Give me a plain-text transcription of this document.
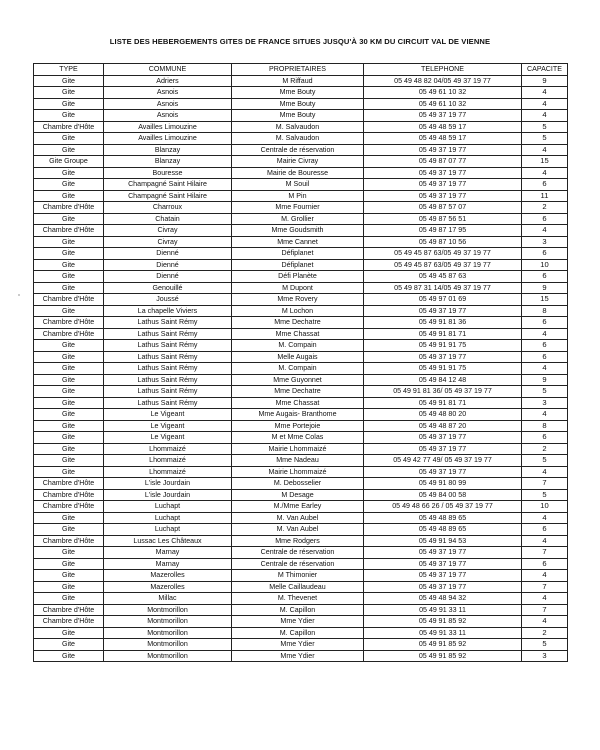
LISTE DES HEBERGEMENTS GITES DE FRANCE SITUES JUSQU'À 30 KM DU CIRCUIT VAL DE VIENNE
TYPE	COMMUNE	PROPRIETAIRES	TELEPHONE	CAPACITE
Gite	Adriers	M Riffaud	05 49 48 82 04/05 49 37 19 77	9
Gite	Asnois	Mme Bouty	05 49 61 10 32	4
Gite	Asnois	Mme Bouty	05 49 61 10 32	4
Gite	Asnois	Mme Bouty	05 49 37 19 77	4
Chambre d'Hôte	Availles Limouzine	M. Salvaudon	05 49 48 59 17	5
Gite	Availles Limouzine	M. Salvaudon	05 49 48 59 17	5
Gite	Blanzay	Centrale de réservation	05 49 37 19 77	4
Gite Groupe	Blanzay	Mairie Civray	05 49 87 07 77	15
Gite	Bouresse	Mairie de Bouresse	05 49 37 19 77	4
Gite	Champagné Saint Hilaire	M Souil	05 49 37 19 77	6
Gite	Champagné Saint Hilaire	M Pin	05 49 37 19 77	11
Chambre d'Hôte	Charroux	Mme Fournier	05 49 87 57 07	2
Gite	Chatain	M. Grollier	05 49 87 56 51	6
Chambre d'Hôte	Civray	Mme Goudsmith	05 49 87 17 95	4
Gite	Civray	Mme Cannet	05 49 87 10 56	3
Gite	Dienné	Défiplanet	05 49 45 87 63/05 49 37 19 77	6
Gite	Dienné	Défiplanet	05 49 45 87 63/05 49 37 19 77	10
Gite	Dienné	Défi Planète	05 49 45 87 63	6
Gite	Genouillé	M Dupont	05 49 87 31 14/05 49 37 19 77	9
Chambre d'Hôte	Joussé	Mme Rovery	05 49 97 01 69	15
Gite	La chapelle Viviers	M Lochon	05 49 37 19 77	8
Chambre d'Hôte	Lathus Saint Rémy	Mme Dechatre	05 49 91 81 36	6
Chambre d'Hôte	Lathus Saint Rémy	Mme Chassat	05 49 91 81 71	4
Gite	Lathus Saint Rémy	M. Compain	05 49 91 91 75	6
Gite	Lathus Saint Rémy	Melle Augais	05 49 37 19 77	6
Gite	Lathus Saint Rémy	M. Compain	05 49 91 91 75	4
Gite	Lathus Saint Rémy	Mme Guyonnet	05 49 84 12 48	9
Gite	Lathus Saint Rémy	Mme Dechatre	05 49 91 81 36/ 05 49 37 19 77	5
Gite	Lathus Saint Rémy	Mme Chassat	05 49 91 81 71	3
Gite	Le Vigeant	Mme Augais- Branthome	05 49 48 80 20	4
Gite	Le Vigeant	Mme Portejoie	05 49 48 87 20	8
Gite	Le Vigeant	M et Mme Colas	05 49 37 19 77	6
Gite	Lhommaizé	Mairie Lhommaizé	05 49 37 19 77	2
Gite	Lhommaizé	Mme Nadeau	05 49 42 77 49/ 05 49 37 19 77	5
Gite	Lhommaizé	Mairie Lhommaizé	05 49 37 19 77	4
Chambre d'Hôte	L'isle Jourdain	M. Debosselier	05 49 91 80 99	7
Chambre d'Hôte	L'isle Jourdain	M Desage	05 49 84 00 58	5
Chambre d'Hôte	Luchapt	M./Mme Earley	05 49 48 66 26 / 05 49 37 19 77	10
Gite	Luchapt	M. Van Aubel	05 49 48 89 65	4
Gite	Luchapt	M. Van Aubel	05 49 48 89 65	6
Chambre d'Hôte	Lussac Les Châteaux	Mme Rodgers	05 49 91 94 53	4
Gite	Marnay	Centrale de réservation	05 49 37 19 77	7
Gite	Marnay	Centrale de réservation	05 49 37 19 77	6
Gite	Mazerolles	M Thimonier	05 49 37 19 77	4
Gite	Mazerolles	Melle Caillaudeau	05 49 37 19 77	7
Gite	Millac	M. Thevenet	05 49 48 94 32	4
Chambre d'Hôte	Montmorillon	M. Capillon	05 49 91 33 11	7
Chambre d'Hôte	Montmorillon	Mme Ydier	05 49 91 85 92	4
Gite	Montmorillon	M. Capillon	05 49 91 33 11	2
Gite	Montmorillon	Mme Ydier	05 49 91 85 92	5
Gite	Montmorillon	Mme Ydier	05 49 91 85 92	3
